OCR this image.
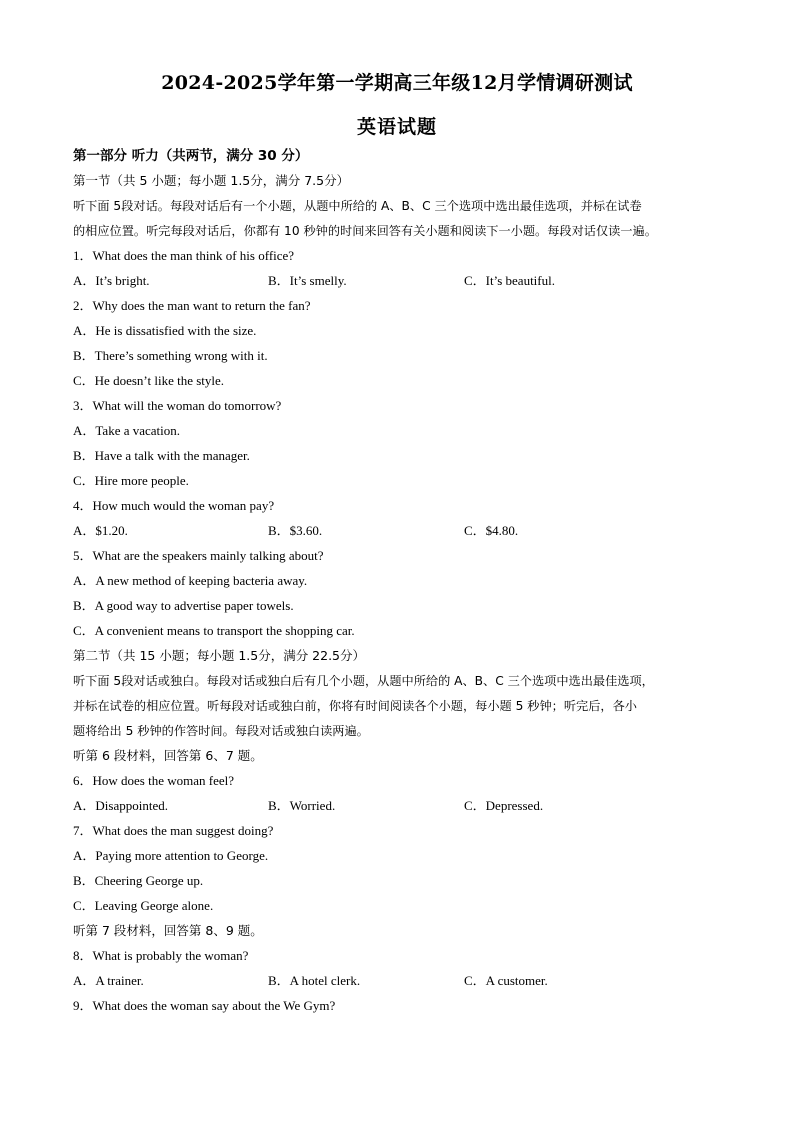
2024-2025学年第一学期高三年级12月学情调研测试
英语试题
第一部分 听力（共两节，满分 30 分）
第一节（共 5 小题；每小题 1.5分，满分 7.5分）
听下面 5段对话。每段对话后有一个小题，从题中所给的 A、B、C 三个选项中选出最佳选项，并标在试卷
的相应位置。听完每段对话后，你都有 10 秒钟的时间来回答有关小题和阅读下一小题。每段对话仅读一遍。
1．What does the man think of his office?
A．It’s bright.	B．It’s smelly.	C．It’s beautiful.
2．Why does the man want to return the fan?
A．He is dissatisfied with the size.
B．There’s something wrong with it.
C．He doesn’t like the style.
3．What will the woman do tomorrow?
A．Take a vacation.
B．Have a talk with the manager.
C．Hire more people.
4．How much would the woman pay?
A．$1.20.	B．$3.60.	C．$4.80.
5．What are the speakers mainly talking about?
A．A new method of keeping bacteria away.
B．A good way to advertise paper towels.
C．A convenient means to transport the shopping car.
第二节（共 15 小题；每小题 1.5分，满分 22.5分）
听下面 5段对话或独白。每段对话或独白后有几个小题，从题中所给的 A、B、C 三个选项中选出最佳选项，
并标在试卷的相应位置。听每段对话或独白前，你将有时间阅读各个小题，每小题 5 秒钟；听完后，各小
题将给出 5 秒钟的作答时间。每段对话或独白读两遍。
听第 6 段材料，回答第 6、7 题。
6．How does the woman feel?
A．Disappointed.	B．Worried.	C．Depressed.
7．What does the man suggest doing?
A．Paying more attention to George.
B．Cheering George up.
C．Leaving George alone.
听第 7 段材料，回答第 8、9 题。
8．What is probably the woman?
A．A trainer.	B．A hotel clerk.	C．A customer.
9．What does the woman say about the We Gym?
